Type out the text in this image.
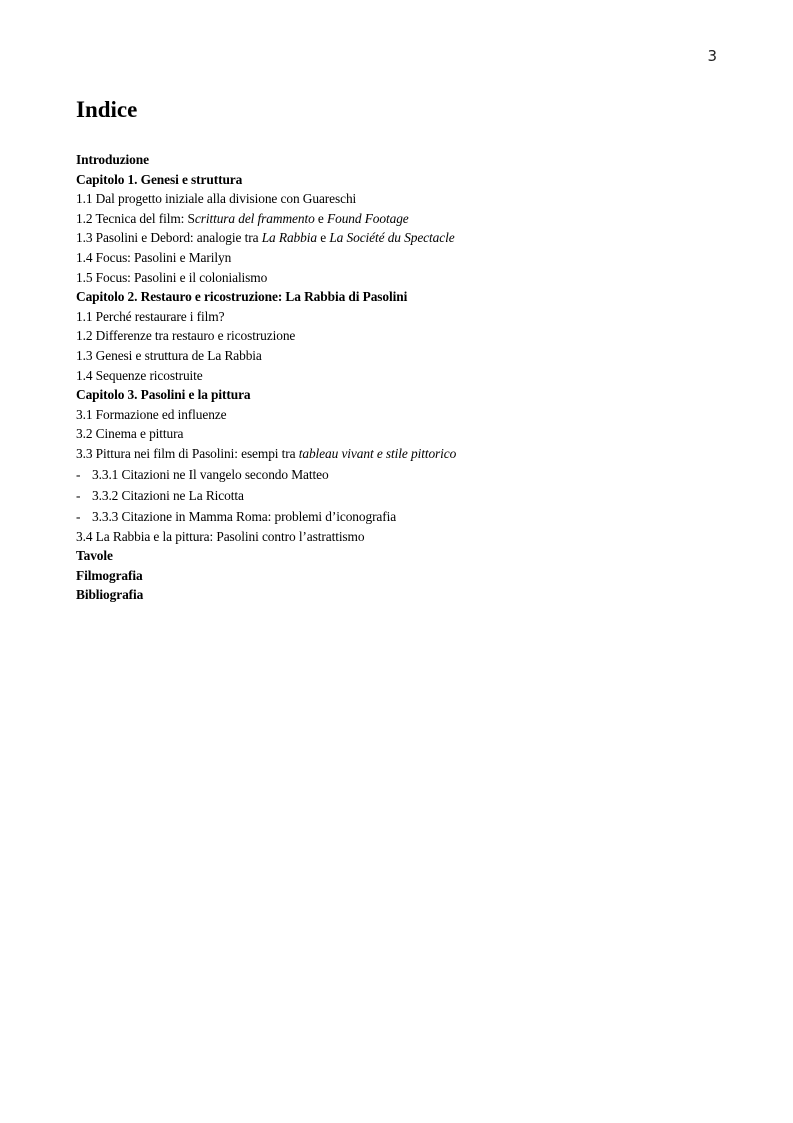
3
Indice
Introduzione
Capitolo 1. Genesi e struttura
1.1 Dal progetto iniziale alla divisione con Guareschi
1.2 Tecnica del film: Scrittura del frammento e Found Footage
1.3 Pasolini e Debord: analogie tra La Rabbia e La Société du Spectacle
1.4 Focus: Pasolini e Marilyn
1.5 Focus: Pasolini e il colonialismo
Capitolo 2. Restauro e ricostruzione: La Rabbia di Pasolini
1.1 Perché restaurare i film?
1.2 Differenze tra restauro e ricostruzione
1.3 Genesi e struttura de La Rabbia
1.4 Sequenze ricostruite
Capitolo 3. Pasolini e la pittura
3.1 Formazione ed influenze
3.2 Cinema e pittura
3.3 Pittura nei film di Pasolini: esempi tra tableau vivant e stile pittorico
- 3.3.1 Citazioni ne Il vangelo secondo Matteo
- 3.3.2 Citazioni ne La Ricotta
- 3.3.3 Citazione in Mamma Roma: problemi d’iconografia
3.4 La Rabbia e la pittura: Pasolini contro l’astrattismo
Tavole
Filmografia
Bibliografia
